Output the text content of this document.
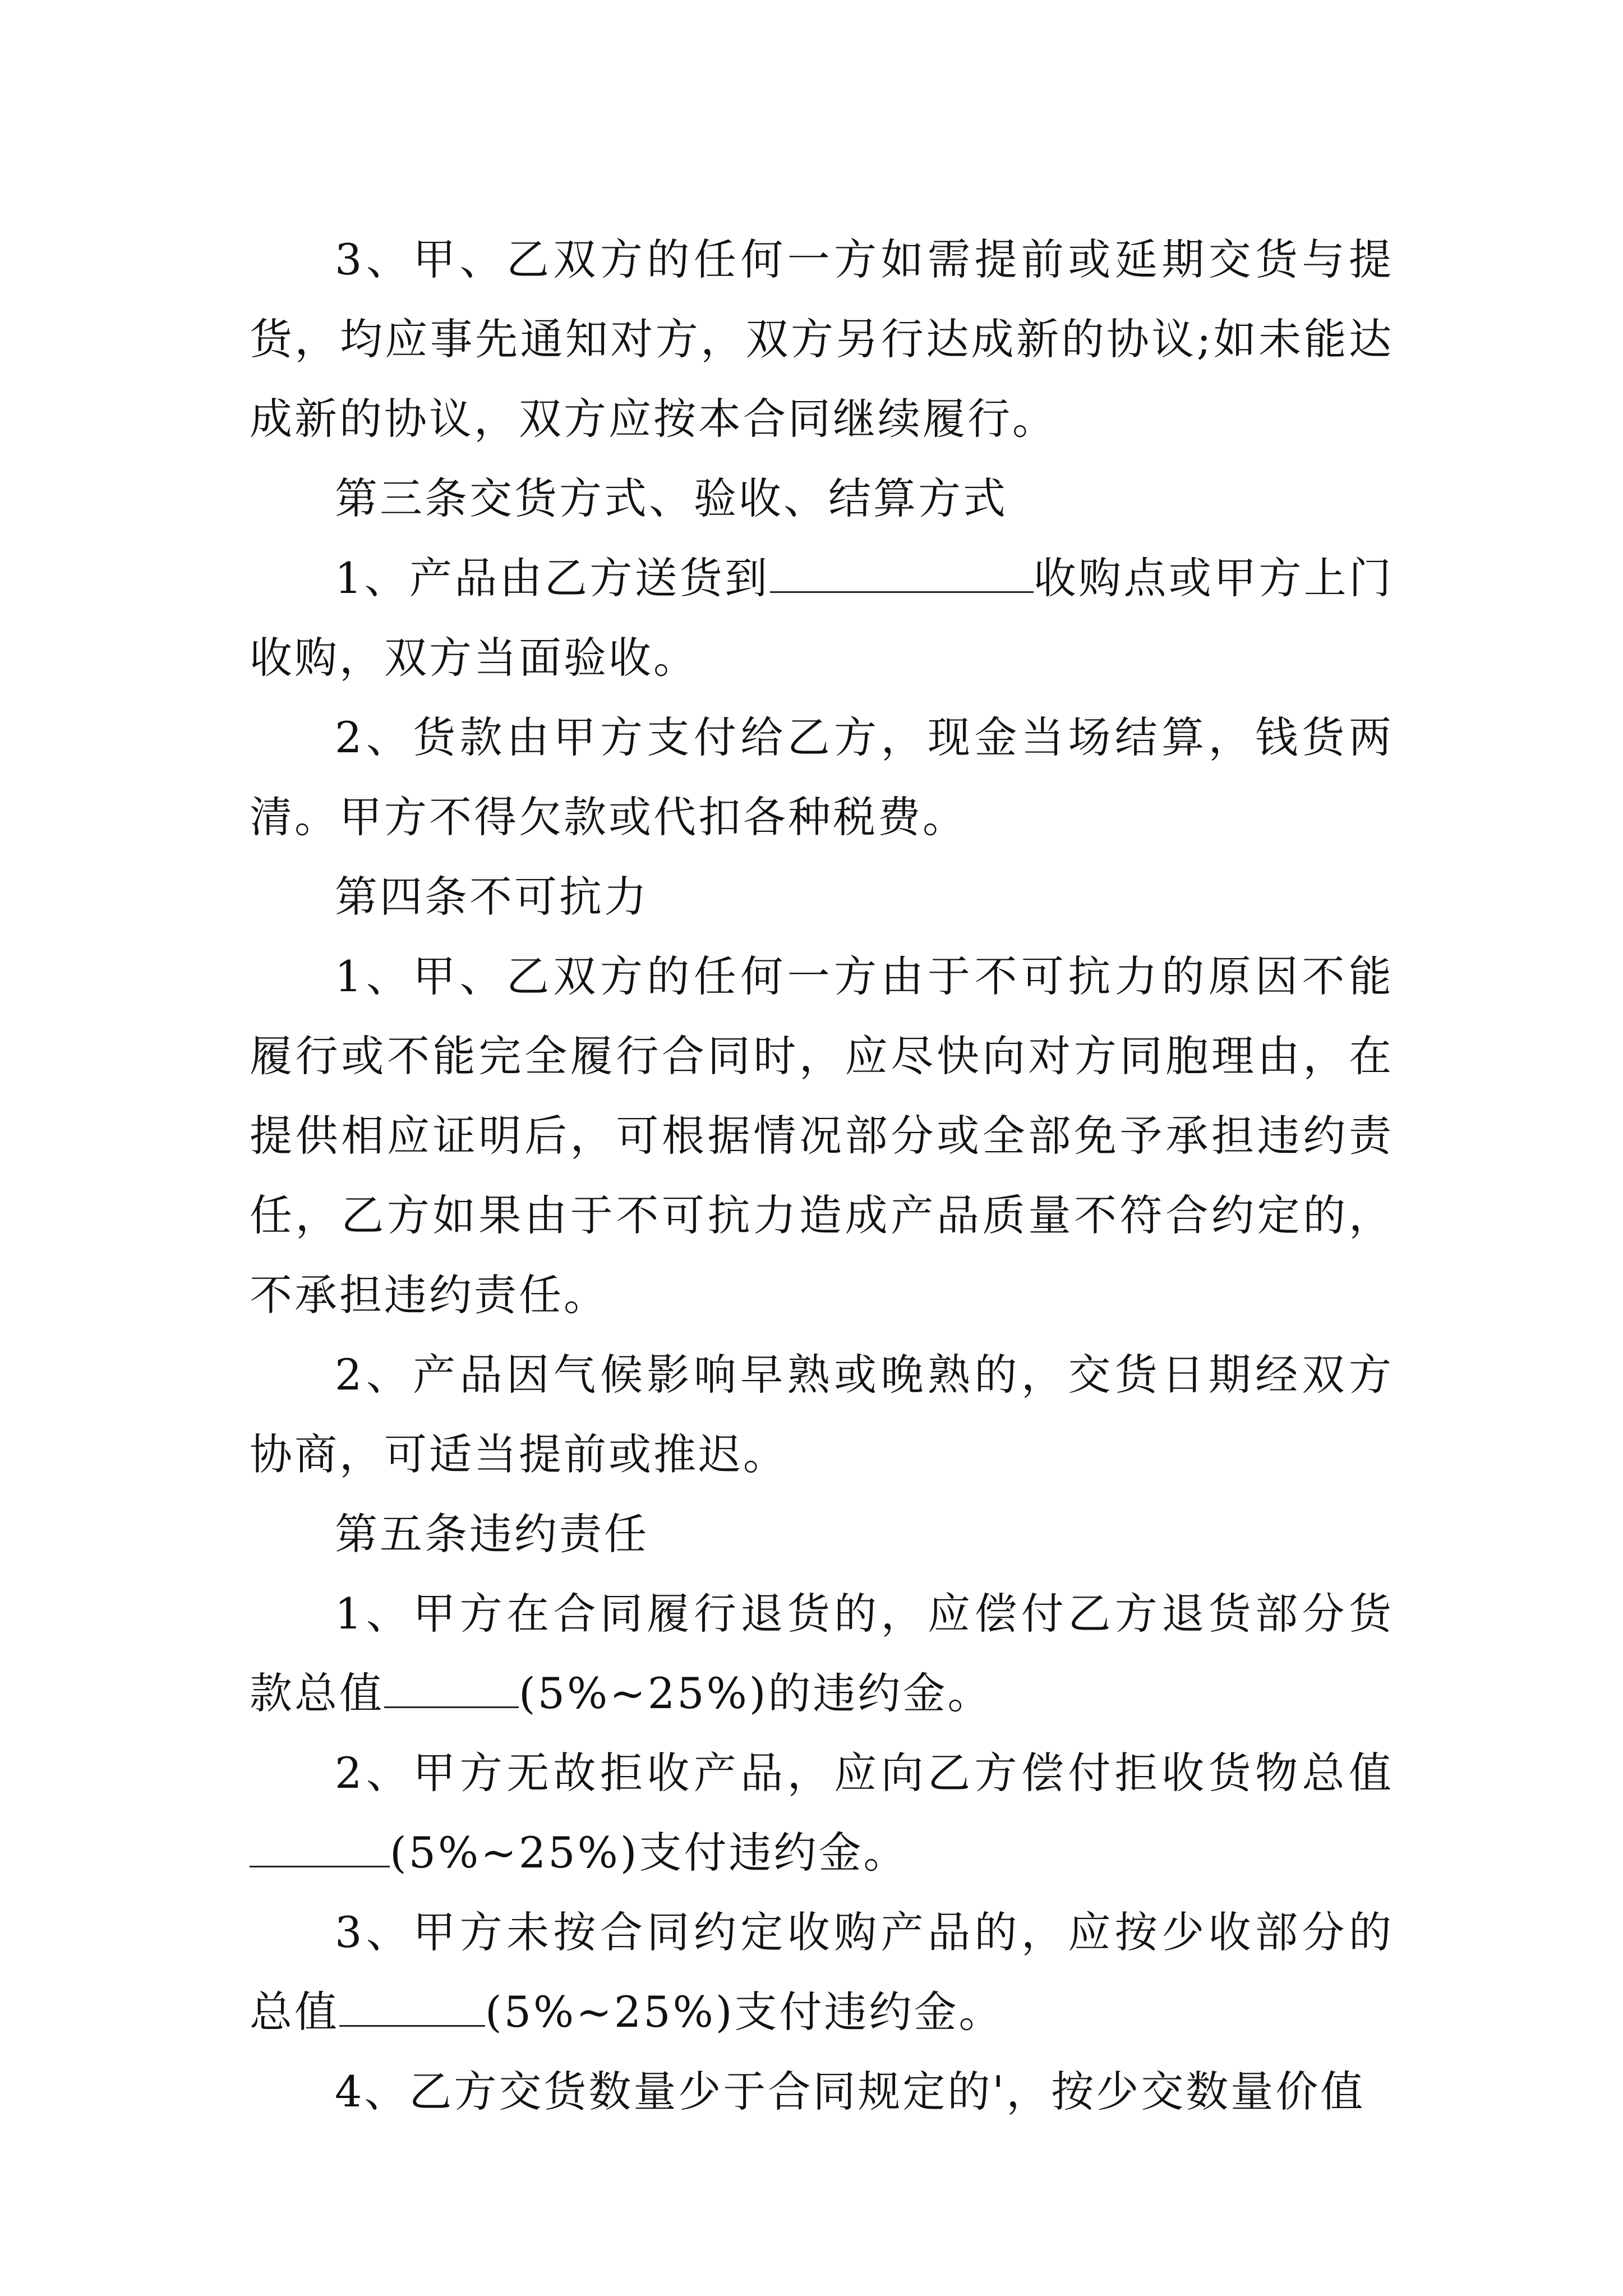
3、甲、乙双方的任何一方如需提前或延期交货与提货，均应事先通知对方，双方另行达成新的协议;如未能达成新的协议，双方应按本合同继续履行。

第三条交货方式、验收、结算方式

1、产品由乙方送货到	收购点或甲方上门收购，双方当面验收。

2、货款由甲方支付给乙方，现金当场结算，钱货两清。甲方不得欠款或代扣各种税费。

第四条不可抗力

1、甲、乙双方的任何一方由于不可抗力的原因不能履行或不能完全履行合同时，应尽快向对方同胞理由，在提供相应证明后，可根据情况部分或全部免予承担违约责任，乙方如果由于不可抗力造成产品质量不符合约定的，不承担违约责任。

2、产品因气候影响早熟或晚熟的，交货日期经双方协商，可适当提前或推迟。

第五条违约责任

1、甲方在合同履行退货的，应偿付乙方退货部分货款总值	(5%~25%)的违约金。

2、甲方无故拒收产品，应向乙方偿付拒收货物总值(5%~25%)支付违约金。

3、甲方未按合同约定收购产品的，应按少收部分的总值	(5%~25%)支付违约金。

4、乙方交货数量少于合同规定的'，按少交数量价值
